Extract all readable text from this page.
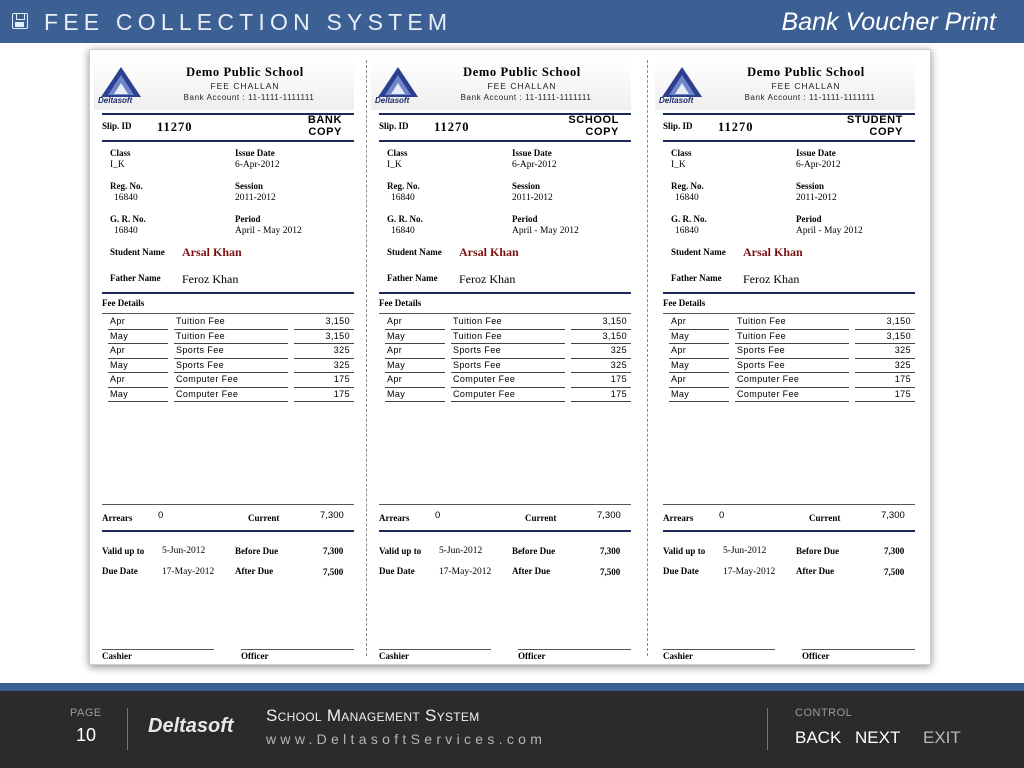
FEE COLLECTION SYSTEM	Bank Voucher Print
Deltasoft
Demo Public School
FEE CHALLAN
Bank Account : 11-1111-1111111
Slip. ID 11270	BANK
COPY
Class
I_K
Issue Date
6-Apr-2012
Reg. No.
16840
Session
2011-2012
G. R. No.
16840
Period
April - May 2012
Student Name Arsal Khan
Father Name Feroz Khan
Fee Details
Apr	Tuition Fee	3,150
May	Tuition Fee	3,150
Apr	Sports Fee	325
May	Sports Fee	325
Apr	Computer Fee	175
May	Computer Fee	175
Arrears	0	Current	7,300
Valid up to 5-Jun-2012	Before Due	7,300
Due Date	17-May-2012 After Due	7,500
Cashier	Officer
Deltasoft
Demo Public School
FEE CHALLAN
Bank Account : 11-1111-1111111
Slip. ID 11270	SCHOOL
COPY
Class
I_K
Issue Date
6-Apr-2012
Reg. No.
16840
Session
2011-2012
G. R. No.
16840
Period
April - May 2012
Student Name Arsal Khan
Father Name Feroz Khan
Fee Details
Apr	Tuition Fee	3,150
May	Tuition Fee	3,150
Apr	Sports Fee	325
May	Sports Fee	325
Apr	Computer Fee	175
May	Computer Fee	175
Arrears	0	Current	7,300
Valid up to 5-Jun-2012	Before Due	7,300
Due Date	17-May-2012 After Due	7,500
Cashier	Officer
Deltasoft
Demo Public School
FEE CHALLAN
Bank Account : 11-1111-1111111
Slip. ID 11270	STUDENT
COPY
Class
I_K
Issue Date
6-Apr-2012
Reg. No.
16840
Session
2011-2012
G. R. No.
16840
Period
April - May 2012
Student Name Arsal Khan
Father Name Feroz Khan
Fee Details
Apr	Tuition Fee	3,150
May	Tuition Fee	3,150
Apr	Sports Fee	325
May	Sports Fee	325
Apr	Computer Fee	175
May	Computer Fee	175
Arrears	0	Current	7,300
Valid up to 5-Jun-2012	Before Due	7,300
Due Date	17-May-2012 After Due	7,500
Cashier	Officer
PAGE
10	Deltasoft School Management System
www.DeltasoftServices.com
CONTROL
BACK NEXT EXIT
